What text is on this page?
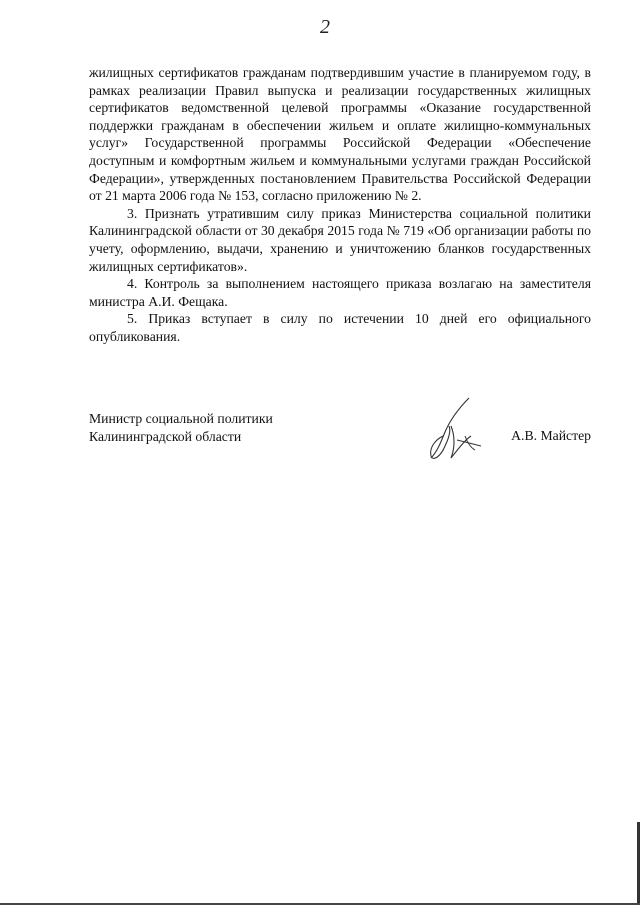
2

жилищных сертификатов гражданам подтвердившим участие в планируемом году, в рамках реализации Правил выпуска и реализации государственных жилищных сертификатов ведомственной целевой программы «Оказание государственной поддержки гражданам в обеспечении жильем и оплате жилищно-коммунальных услуг» Государственной программы Российской Федерации «Обеспечение доступным и комфортным жильем и коммунальными услугами граждан Российской Федерации», утвержденных постановлением Правительства Российской Федерации от 21 марта 2006 года № 153, согласно приложению № 2.

3. Признать утратившим силу приказ Министерства социальной политики Калининградской области от 30 декабря 2015 года № 719 «Об организации работы по учету, оформлению, выдачи, хранению и уничтожению бланков государственных жилищных сертификатов».

4. Контроль за выполнением настоящего приказа возлагаю на заместителя министра А.И. Фещака.

5. Приказ вступает в силу по истечении 10 дней его официального опубликования.

Министр социальной политики
Калининградской области	А.В. Майстер
